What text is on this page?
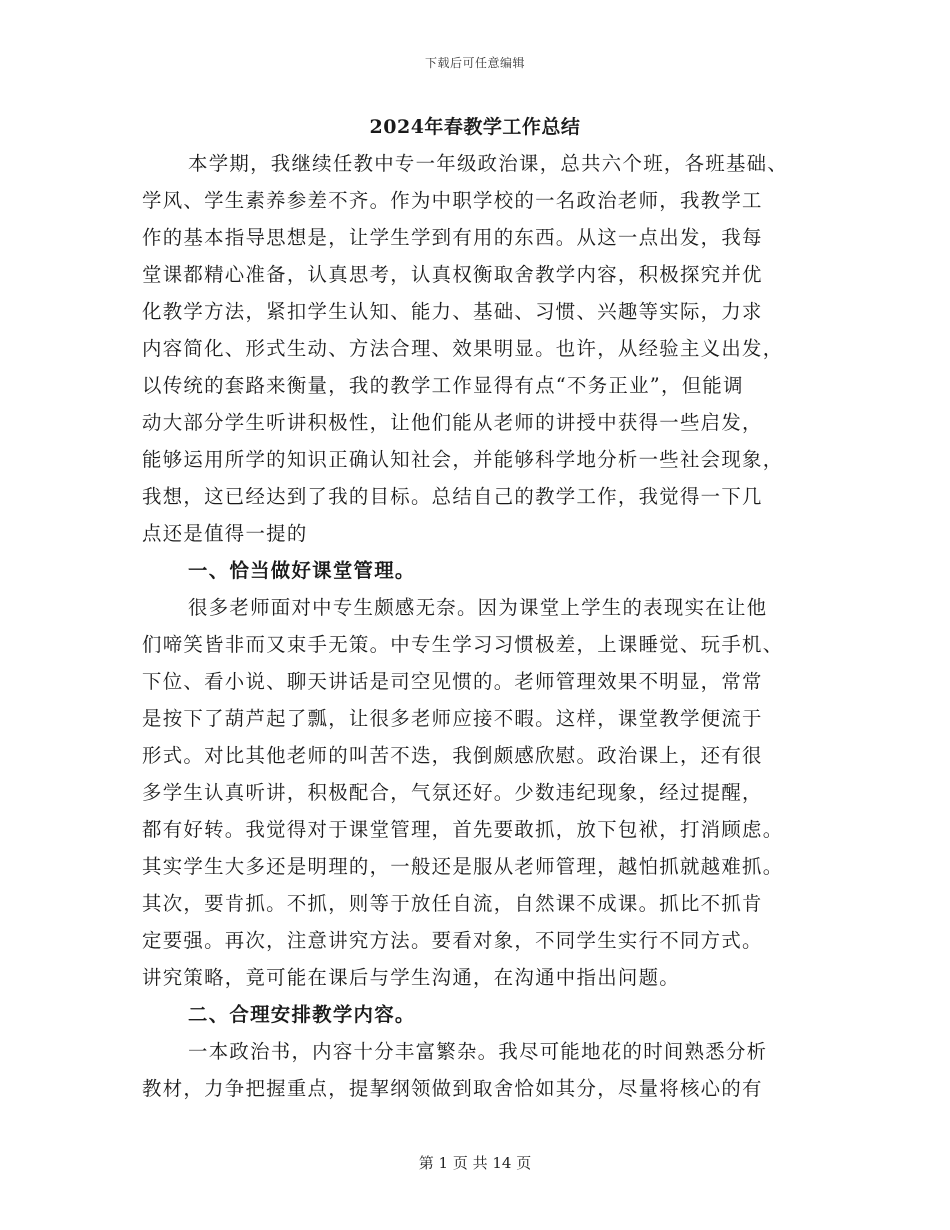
下载后可任意编辑
2024年春教学工作总结
本学期，我继续任教中专一年级政治课，总共六个班，各班基础、
学风、学生素养参差不齐。作为中职学校的一名政治老师，我教学工
作的基本指导思想是，让学生学到有用的东西。从这一点出发，我每
堂课都精心准备，认真思考，认真权衡取舍教学内容，积极探究并优
化教学方法，紧扣学生认知、能力、基础、习惯、兴趣等实际，力求
内容简化、形式生动、方法合理、效果明显。也许，从经验主义出发，
以传统的套路来衡量，我的教学工作显得有点“不务正业”，但能调
动大部分学生听讲积极性，让他们能从老师的讲授中获得一些启发，
能够运用所学的知识正确认知社会，并能够科学地分析一些社会现象，
我想，这已经达到了我的目标。总结自己的教学工作，我觉得一下几
点还是值得一提的
一、恰当做好课堂管理。
很多老师面对中专生颇感无奈。因为课堂上学生的表现实在让他
们啼笑皆非而又束手无策。中专生学习习惯极差，上课睡觉、玩手机、
下位、看小说、聊天讲话是司空见惯的。老师管理效果不明显，常常
是按下了葫芦起了瓢，让很多老师应接不暇。这样，课堂教学便流于
形式。对比其他老师的叫苦不迭，我倒颇感欣慰。政治课上，还有很
多学生认真听讲，积极配合，气氛还好。少数违纪现象，经过提醒，
都有好转。我觉得对于课堂管理，首先要敢抓，放下包袱，打消顾虑。
其实学生大多还是明理的，一般还是服从老师管理，越怕抓就越难抓。
其次，要肯抓。不抓，则等于放任自流，自然课不成课。抓比不抓肯
定要强。再次，注意讲究方法。要看对象，不同学生实行不同方式。
讲究策略，竟可能在课后与学生沟通，在沟通中指出问题。
二、合理安排教学内容。
一本政治书，内容十分丰富繁杂。我尽可能地花的时间熟悉分析
教材，力争把握重点，提挈纲领做到取舍恰如其分，尽量将核心的有
第 1 页 共 14 页
